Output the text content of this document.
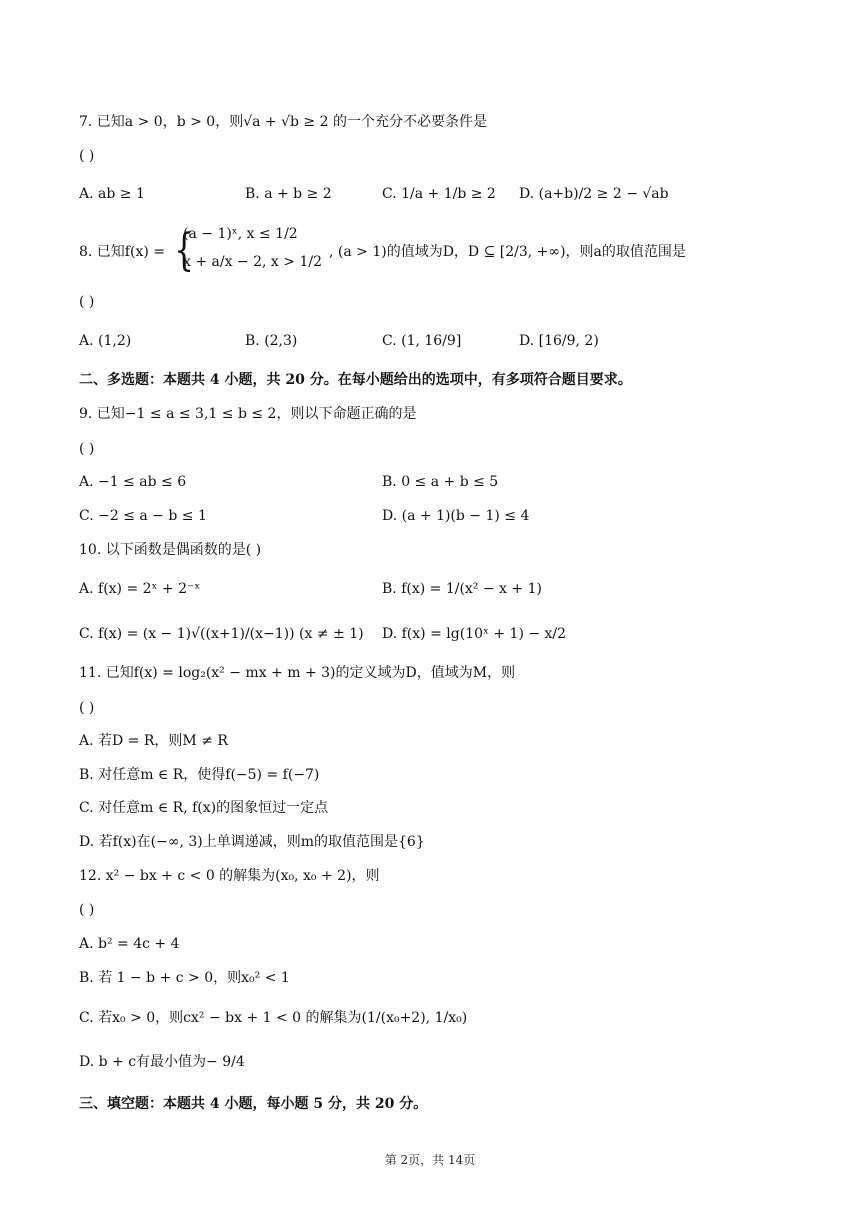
7. 已知a > 0，b > 0，则√a + √b ≥ 2 的一个充分不必要条件是
( )
A. ab ≥ 1	B. a + b ≥ 2	C. 1/a + 1/b ≥ 2 D. (a+b)/2 ≥ 2 − √ab
8. 已知f(x) = {
(a − 1)ˣ, x ≤ 1/2
x + a/x − 2, x > 1/2
, (a > 1)的值域为D，D ⊆ [2/3, +∞)，则a的取值范围是
( )
A. (1,2)	B. (2,3)	C. (1, 16/9]	D. [16/9, 2)
二、多选题：本题共 4 小题，共 20 分。在每小题给出的选项中，有多项符合题目要求。
9. 已知−1 ≤ a ≤ 3,1 ≤ b ≤ 2，则以下命题正确的是
( )
A. −1 ≤ ab ≤ 6	B. 0 ≤ a + b ≤ 5
C. −2 ≤ a − b ≤ 1	D. (a + 1)(b − 1) ≤ 4
10. 以下函数是偶函数的是( )
A. f(x) = 2ˣ + 2⁻ˣ	B. f(x) = 1/(x² − x + 1)
C. f(x) = (x − 1)√((x+1)/(x−1)) (x ≠ ± 1) D. f(x) = lg(10ˣ + 1) − x/2
11. 已知f(x) = log₂(x² − mx + m + 3)的定义域为D，值域为M，则
( )
A. 若D = R，则M ≠ R
B. 对任意m ∈ R，使得f(−5) = f(−7)
C. 对任意m ∈ R, f(x)的图象恒过一定点
D. 若f(x)在(−∞, 3)上单调递减，则m的取值范围是{6}
12. x² − bx + c < 0 的解集为(x₀, x₀ + 2)，则
( )
A. b² = 4c + 4
B. 若 1 − b + c > 0，则x₀² < 1
C. 若x₀ > 0，则cx² − bx + 1 < 0 的解集为(1/(x₀+2), 1/x₀)
D. b + c有最小值为− 9/4
三、填空题：本题共 4 小题，每小题 5 分，共 20 分。
第 2页，共 14页
